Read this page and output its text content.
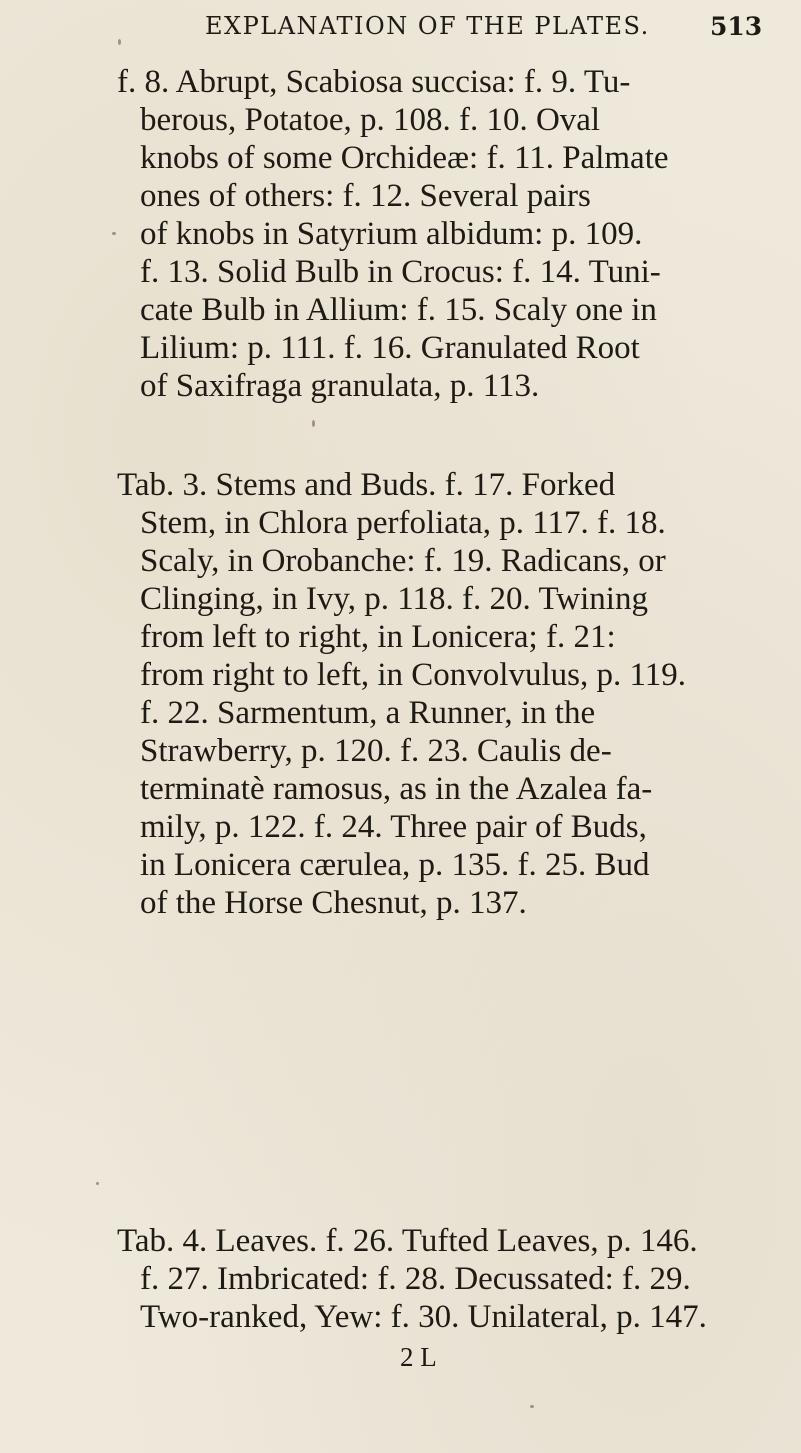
EXPLANATION OF THE PLATES. 513
f. 8. Abrupt, Scabiosa succisa: f. 9. Tu-
berous, Potatoe, p. 108. f. 10. Oval
knobs of some Orchideæ: f. 11. Palmate
ones of others: f. 12. Several pairs
of knobs in Satyrium albidum: p. 109.
f. 13. Solid Bulb in Crocus: f. 14. Tuni-
cate Bulb in Allium: f. 15. Scaly one in
Lilium: p. 111. f. 16. Granulated Root
of Saxifraga granulata, p. 113.
Tab. 3. Stems and Buds. f. 17. Forked
Stem, in Chlora perfoliata, p. 117. f. 18.
Scaly, in Orobanche: f. 19. Radicans, or
Clinging, in Ivy, p. 118. f. 20. Twining
from left to right, in Lonicera; f. 21:
from right to left, in Convolvulus, p. 119.
f. 22. Sarmentum, a Runner, in the
Strawberry, p. 120. f. 23. Caulis de-
terminatè ramosus, as in the Azalea fa-
mily, p. 122. f. 24. Three pair of Buds,
in Lonicera cærulea, p. 135. f. 25. Bud
of the Horse Chesnut, p. 137.
Tab. 4. Leaves. f. 26. Tufted Leaves, p. 146.
f. 27. Imbricated: f. 28. Decussated: f. 29.
Two-ranked, Yew: f. 30. Unilateral, p. 147.
2 L
